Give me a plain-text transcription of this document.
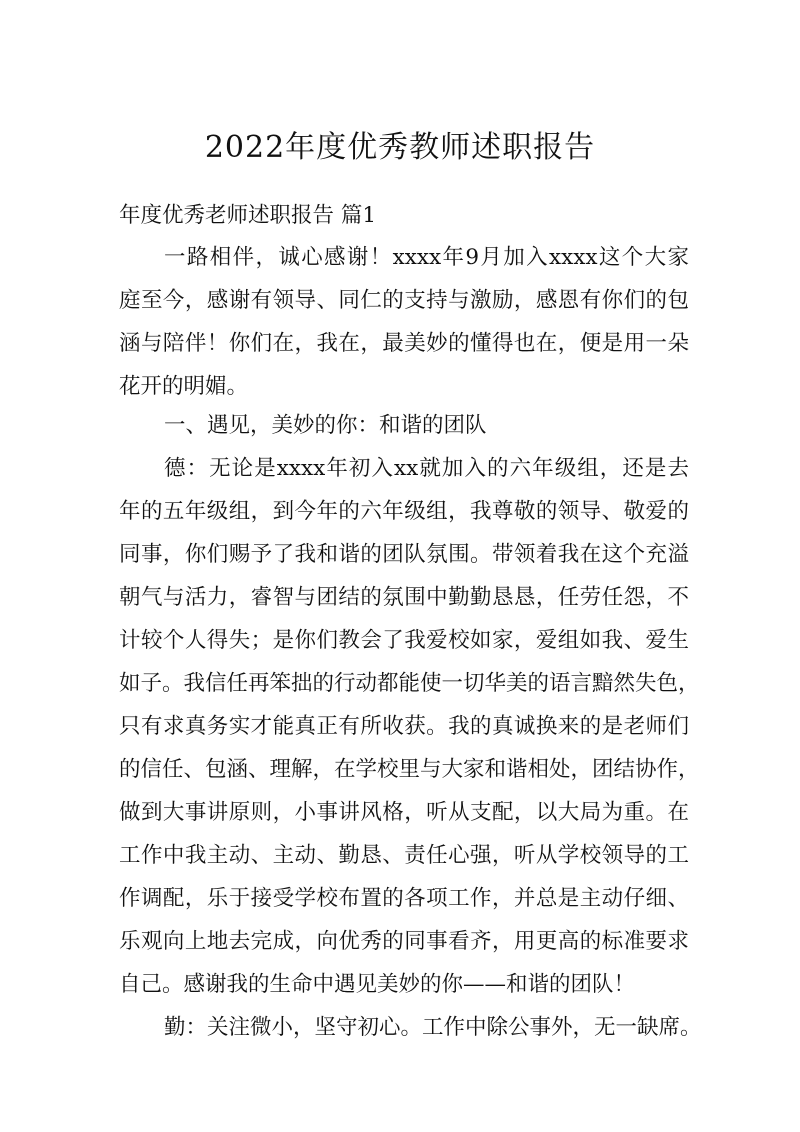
2022年度优秀教师述职报告
年度优秀老师述职报告 篇1
一路相伴，诚心感谢！xxxx年9月加入xxxx这个大家
庭至今，感谢有领导、同仁的支持与激励，感恩有你们的包
涵与陪伴！你们在，我在，最美妙的懂得也在，便是用一朵
花开的明媚。
一、遇见，美妙的你：和谐的团队
德：无论是xxxx年初入xx就加入的六年级组，还是去
年的五年级组，到今年的六年级组，我尊敬的领导、敬爱的
同事，你们赐予了我和谐的团队氛围。带领着我在这个充溢
朝气与活力，睿智与团结的氛围中勤勤恳恳，任劳任怨，不
计较个人得失；是你们教会了我爱校如家，爱组如我、爱生
如子。我信任再笨拙的行动都能使一切华美的语言黯然失色，
只有求真务实才能真正有所收获。我的真诚换来的是老师们
的信任、包涵、理解，在学校里与大家和谐相处，团结协作，
做到大事讲原则，小事讲风格，听从支配，以大局为重。在
工作中我主动、主动、勤恳、责任心强，听从学校领导的工
作调配，乐于接受学校布置的各项工作，并总是主动仔细、
乐观向上地去完成，向优秀的同事看齐，用更高的标准要求
自己。感谢我的生命中遇见美妙的你——和谐的团队！
勤：关注微小，坚守初心。工作中除公事外，无一缺席。
